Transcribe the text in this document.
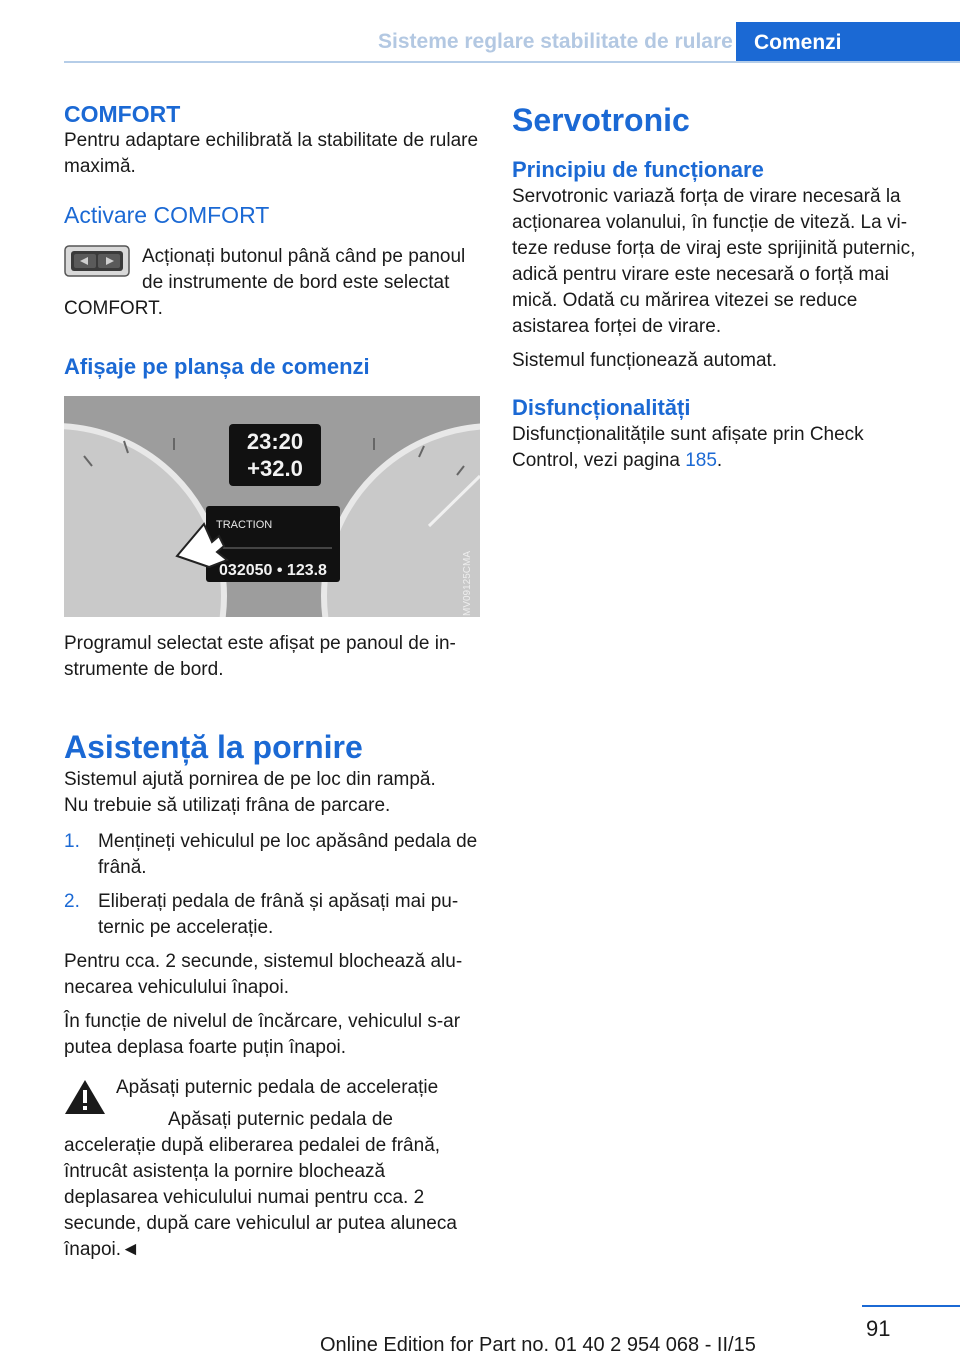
Sisteme reglare stabilitate de rulare	Comenzi
COMFORT

Pentru adaptare echilibrată la stabilitate de rulare maximă.

Activare COMFORT

Acționați butonul până când pe panoul de instrumente de bord este selectat COMFORT.

Afișaje pe planșa de comenzi
23:20
+32.0
TRACTION
032050 • 123.8	MV09125CMA

Programul selectat este afișat pe panoul de instrumente de bord.

Asistență la pornire

Sistemul ajută pornirea de pe loc din rampă.

Nu trebuie să utilizați frâna de parcare.

1. Mențineți vehiculul pe loc apăsând pedala de frână.
2. Eliberați pedala de frână și apăsați mai puternic pe accelerație.

Pentru cca. 2 secunde, sistemul blochează alunecarea vehiculului înapoi.

În funcție de nivelul de încărcare, vehiculul s-ar putea deplasa foarte puțin înapoi.

Apăsați puternic pedala de accelerație

Apăsați puternic pedala de accelerație după eliberarea pedalei de frână, întrucât asistența la pornire blochează deplasarea vehiculului numai pentru cca. 2 secunde, după care vehiculul ar putea aluneca înapoi.◄

Servotronic
Principiu de funcționare

Servotronic variază forța de virare necesară la acționarea volanului, în funcție de viteză. La viteze reduse forța de viraj este sprijinită puternic, adică pentru virare este necesară o forță mai mică. Odată cu mărirea vitezei se reduce asistarea forței de virare.

Sistemul funcționează automat.

Disfuncționalități

Disfuncționalitățile sunt afișate prin Check Control, vezi pagina 185.

91
Online Edition for Part no. 01 40 2 954 068 - II/15
